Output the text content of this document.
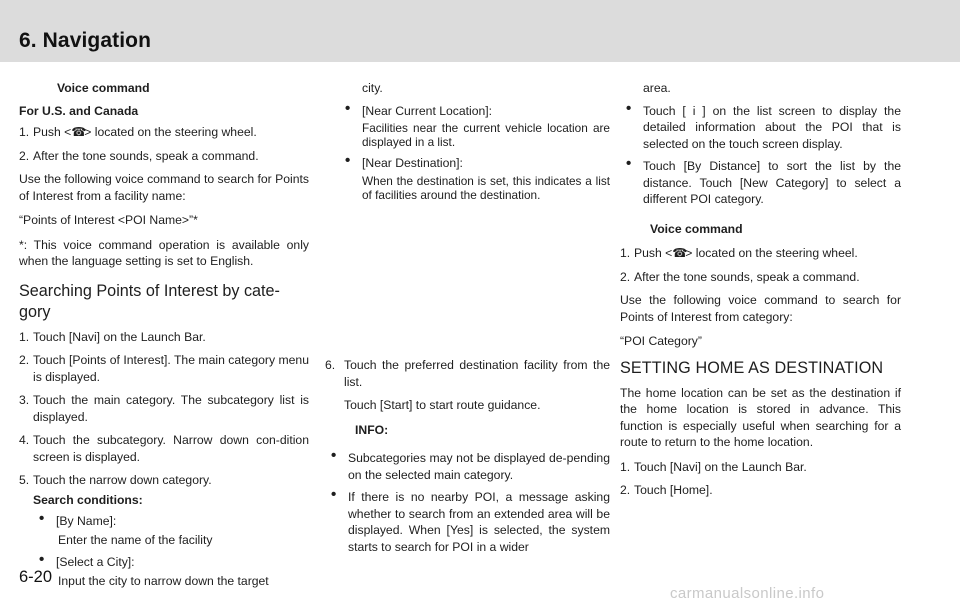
6. Navigation

Voice command

For U.S. and Canada

1. Push <☎> located on the steering wheel.
2. After the tone sounds, speak a command.

Use the following voice command to search for Points of Interest from a facility name:

“Points of Interest <POI Name>”*

*: This voice command operation is available only when the language setting is set to English.

Searching Points of Interest by cate-gory
1. Touch [Navi] on the Launch Bar.
2. Touch [Points of Interest]. The main category menu is displayed.
3. Touch the main category. The subcategory list is displayed.
4. Touch the subcategory. Narrow down con-dition screen is displayed.
5. Touch the narrow down category.

Search conditions:

• [By Name]:
Enter the name of the facility
• [Select a City]:
Input the city to narrow down the target

city.

• [Near Current Location]:
Facilities near the current vehicle location are displayed in a list.
• [Near Destination]:
When the destination is set, this indicates a list of facilities around the destination.
6. Touch the preferred destination facility from the list.

Touch [Start] to start route guidance.

INFO:

• Subcategories may not be displayed de-pending on the selected main category.
• If there is no nearby POI, a message asking whether to search from an extended area will be displayed. When [Yes] is selected, the system starts to search for POI in a wider

area.

• Touch [ i ] on the list screen to display the detailed information about the POI that is selected on the touch screen display.
• Touch [By Distance] to sort the list by the distance. Touch [New Category] to select a different POI category.

Voice command

1. Push <☎> located on the steering wheel.
2. After the tone sounds, speak a command.

Use the following voice command to search for Points of Interest from category:

“POI Category”

SETTING HOME AS DESTINATION

The home location can be set as the destination if the home location is stored in advance. This function is especially useful when searching for a route to return to the home location.

1. Touch [Navi] on the Launch Bar.
2. Touch [Home].
6-20
carmanualsonline.info
